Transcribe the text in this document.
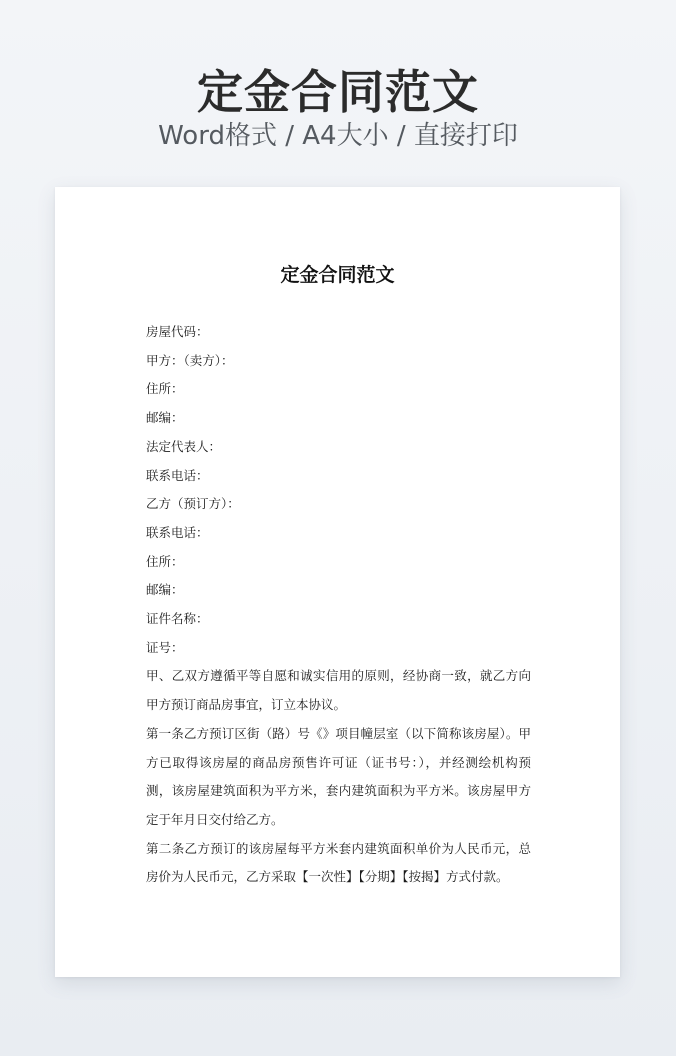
定金合同范文
Word格式 / A4大小 / 直接打印
定金合同范文

房屋代码：

甲方：（卖方）：

住所：

邮编：

法定代表人：

联系电话：

乙方（预订方）：

联系电话：

住所：

邮编：

证件名称：

证号：

甲、乙双方遵循平等自愿和诚实信用的原则，经协商一致，就乙方向甲方预订商品房事宜，订立本协议。

第一条乙方预订区街（路）号《》项目幢层室（以下简称该房屋）。甲方已取得该房屋的商品房预售许可证（证书号：），并经测绘机构预测，该房屋建筑面积为平方米，套内建筑面积为平方米。该房屋甲方定于年月日交付给乙方。

第二条乙方预订的该房屋每平方米套内建筑面积单价为人民币元，总房价为人民币元，乙方采取【一次性】【分期】【按揭】方式付款。
